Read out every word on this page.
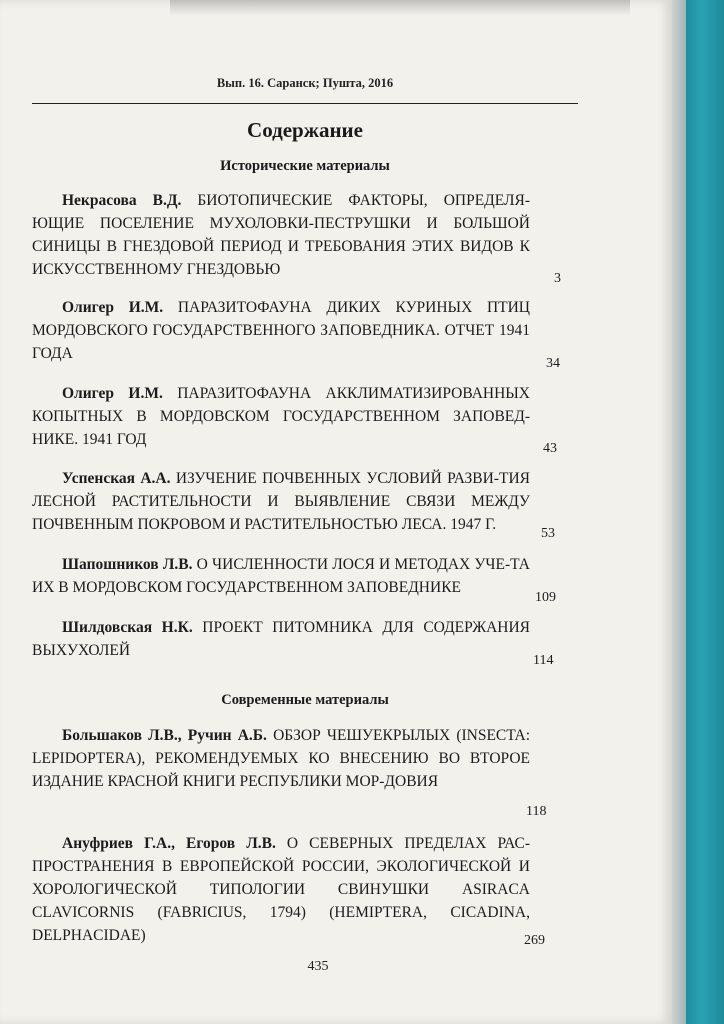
Вып. 16. Саранск; Пушта, 2016
Содержание
Исторические материалы
Некрасова В.Д. БИОТОПИЧЕСКИЕ ФАКТОРЫ, ОПРЕДЕЛЯ-ЮЩИЕ ПОСЕЛЕНИЕ МУХОЛОВКИ-ПЕСТРУШКИ И БОЛЬШОЙ СИНИЦЫ В ГНЕЗДОВОЙ ПЕРИОД И ТРЕБОВАНИЯ ЭТИХ ВИДОВ К ИСКУССТВЕННОМУ ГНЕЗДОВЬЮ
3
Олигер И.М. ПАРАЗИТОФАУНА ДИКИХ КУРИНЫХ ПТИЦ МОРДОВСКОГО ГОСУДАРСТВЕННОГО ЗАПОВЕДНИКА. ОТЧЕТ 1941 ГОДА
34
Олигер И.М. ПАРАЗИТОФАУНА АККЛИМАТИЗИРОВАННЫХ КОПЫТНЫХ В МОРДОВСКОМ ГОСУДАРСТВЕННОМ ЗАПОВЕД-НИКЕ. 1941 ГОД
43
Успенская А.А. ИЗУЧЕНИЕ ПОЧВЕННЫХ УСЛОВИЙ РАЗВИ-ТИЯ ЛЕСНОЙ РАСТИТЕЛЬНОСТИ И ВЫЯВЛЕНИЕ СВЯЗИ МЕЖДУ ПОЧВЕННЫМ ПОКРОВОМ И РАСТИТЕЛЬНОСТЬЮ ЛЕСА. 1947 Г.
53
Шапошников Л.В. О ЧИСЛЕННОСТИ ЛОСЯ И МЕТОДАХ УЧЕ-ТА ИХ В МОРДОВСКОМ ГОСУДАРСТВЕННОМ ЗАПОВЕДНИКЕ
109
Шилдовская Н.К. ПРОЕКТ ПИТОМНИКА ДЛЯ СОДЕРЖАНИЯ ВЫХУХОЛЕЙ
114
Современные материалы
Большаков Л.В., Ручин А.Б. ОБЗОР ЧЕШУЕКРЫЛЫХ (INSECTA: LEPIDOPTERA), РЕКОМЕНДУЕМЫХ КО ВНЕСЕНИЮ ВО ВТОРОЕ ИЗДАНИЕ КРАСНОЙ КНИГИ РЕСПУБЛИКИ МОР-ДОВИЯ
118
Ануфриев Г.А., Егоров Л.В. О СЕВЕРНЫХ ПРЕДЕЛАХ РАС-ПРОСТРАНЕНИЯ В ЕВРОПЕЙСКОЙ РОССИИ, ЭКОЛОГИЧЕСКОЙ И ХОРОЛОГИЧЕСКОЙ ТИПОЛОГИИ СВИНУШКИ ASIRACA CLAVICORNIS (FABRICIUS, 1794) (HEMIPTERA, CICADINA, DELPHACIDAE)	269
435
